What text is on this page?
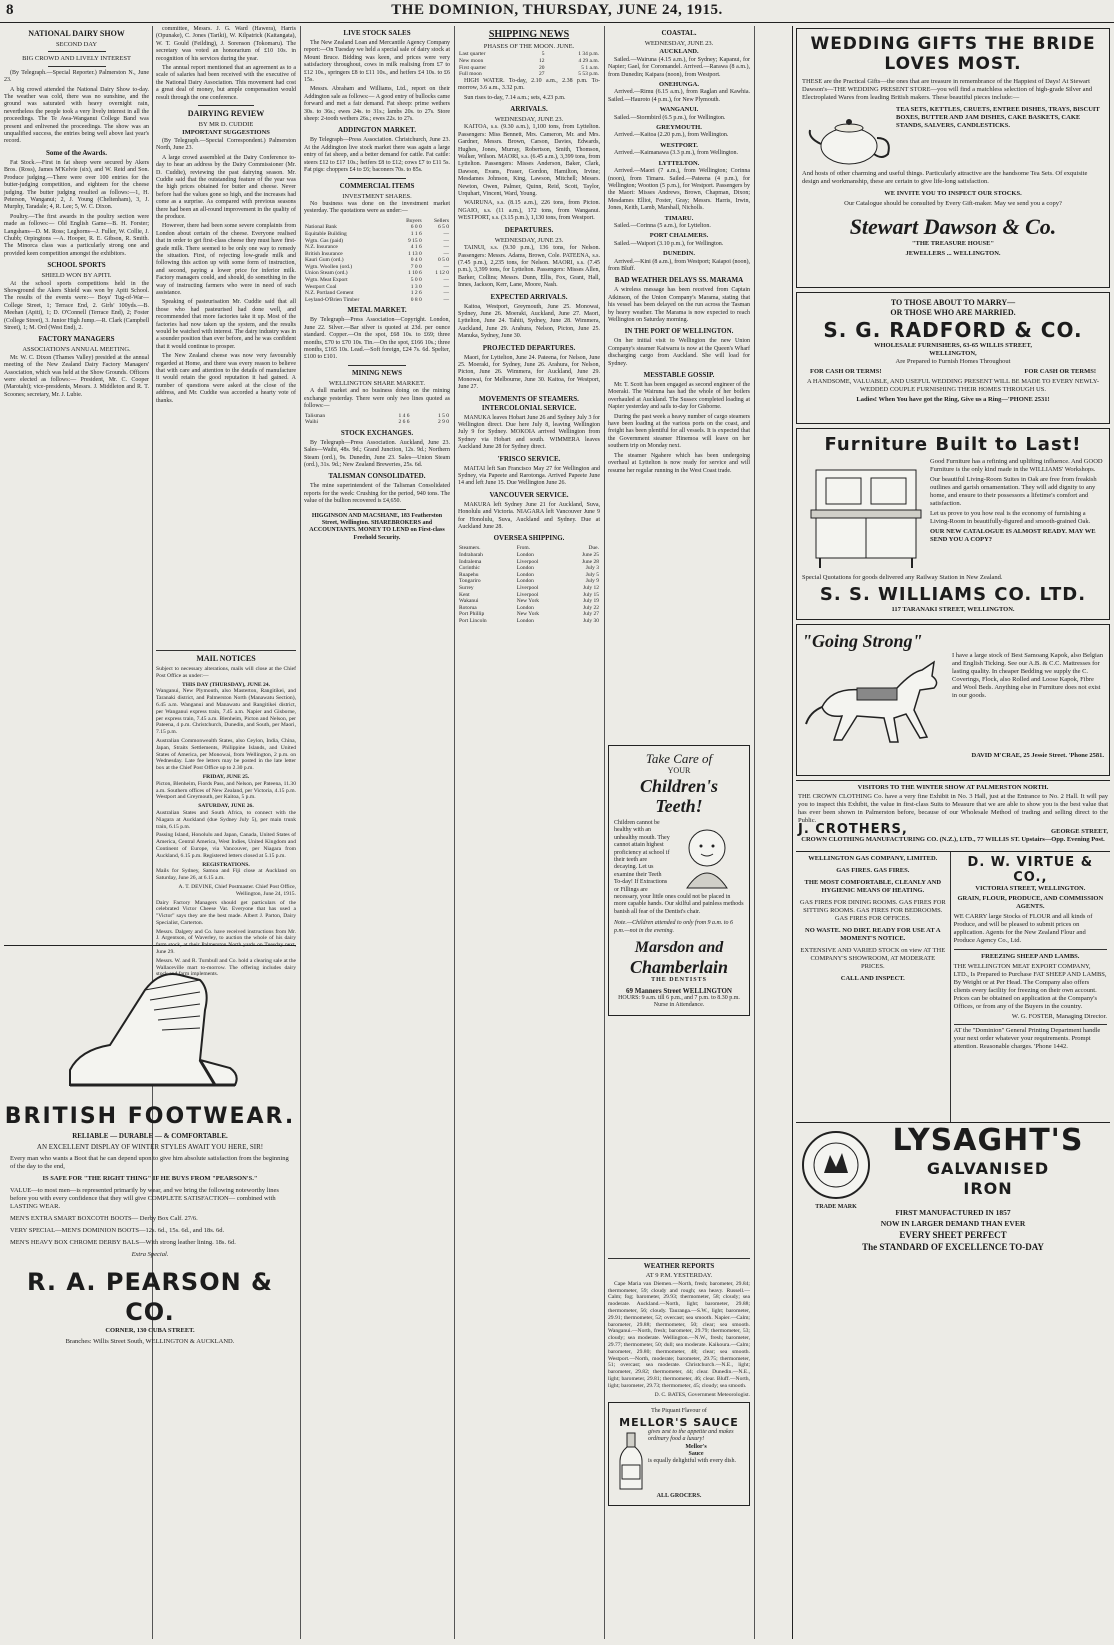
8	THE DOMINION, THURSDAY, JUNE 24, 1915.
NATIONAL DAIRY SHOW
SECOND DAY
BIG CROWD AND LIVELY INTEREST

(By Telegraph.—Special Reporter.) Palmerston N., June 23.

A big crowd attended the National Dairy Show to-day. The weather was cold, there was no sunshine, and the ground was saturated with heavy overnight rain, nevertheless the people took a very lively interest in all the proceedings. The Te Awa-Wanganui College Band was present and enlivened the proceedings. The show was an unqualified success, the entries being well above last year's record.

Some of the Awards.

Fat Stock.—First in fat sheep were secured by Akers Bros. (Ross), James M'Kelvie (six), and W. Reid and Son. Produce judging.—There were over 100 entries for the butter-judging competition, and eighteen for the cheese judging. The butter judging resulted as follows:—1, H. Peterson, Wanganui; 2, J. Young (Cheltenham), 3, J. Murphy, Taradale; 4, R. Lee; 5, W. C. Dixon.

Poultry.—The first awards in the poultry section were made as follows:— Old English Game—B. H. Forster; Langshans—D. M. Ross; Leghorns—J. Fuller, W. Collie, J. Chubb; Orpingtons —A. Hooper, R. E. Gibson, R. Smith. The Minorca class was a particularly strong one and provided keen competition amongst the exhibitors.

SCHOOL SPORTS
SHIELD WON BY APITI.

At the school sports competitions held in the Showground the Akers Shield was won by Apiti School. The results of the events were:— Boys' Tug-of-War—College Street, 1; Terrace End, 2. Girls' 100yds.—B. Meehan (Apiti), 1; D. O'Connell (Terrace End), 2; Foster (College Street), 3. Junior High Jump.—R. Clark (Campbell Street), 1; M. Ord (West End), 2.

FACTORY MANAGERS
ASSOCIATION'S ANNUAL MEETING.

Mr. W. C. Dixon (Thames Valley) presided at the annual meeting of the New Zealand Dairy Factory Managers' Association, which was held at the Show Grounds. Officers were elected as follows:— President, Mr. C. Cooper (Marotahi); vice-presidents, Messrs. J. Middleton and R. T. Scoones; secretary, Mr. J. Lubie.

BRITISH FOOTWEAR.
RELIABLE — DURABLE — & COMFORTABLE.
AN EXCELLENT DISPLAY OF WINTER STYLES AWAIT YOU HERE, SIR!

Every man who wants a Boot that he can depend upon to give him absolute satisfaction from the beginning of the day to the end,

IS SAFE FOR "THE RIGHT THING" IF HE BUYS FROM "PEARSON'S."

VALUE—to most men—is represented primarily by wear, and we bring the following noteworthy lines before you with every confidence that they will give COMPLETE SATISFACTION— combined with LASTING WEAR.

MEN'S EXTRA SMART BOXCOTH BOOTS— Derby Box Calf. 27/6.

VERY SPECIAL—MEN'S DOMINION BOOTS—12s. 6d., 15s. 6d., and 18s. 6d.

MEN'S HEAVY BOX CHROME DERBY BALS—With strong leather lining. 18s. 6d.

Extra Special.
R. A. PEARSON & CO.
CORNER, 130 CUBA STREET.
Branches: Willis Street South, WELLINGTON & AUCKLAND.

committee, Messrs. J. G. Ward (Hawera), Harris (Opunake), C. Jones (Tariki), W. Kilpatrick (Kaitangata), W. T. Gould (Feilding), J. Sorenson (Tokomaru). The secretary was voted an honorarium of £10 10s. in recognition of his services during the year.

The annual report mentioned that an agreement as to a scale of salaries had been received with the executive of the National Dairy Association. This movement had cost a great deal of money, but ample compensation would result through the one conference.

DAIRYING REVIEW
BY MR D. CUDDIE
IMPORTANT SUGGESTIONS

(By Telegraph.—Special Correspondent.) Palmerston North, June 23.

A large crowd assembled at the Dairy Conference to-day to hear an address by the Dairy Commissioner (Mr. D. Cuddie), reviewing the past dairying season. Mr. Cuddie said that the outstanding feature of the year was the high prices obtained for butter and cheese. Never before had the values gone so high, and the increases had come as a surprise. As compared with previous seasons there had been an all-round improvement in the quality of the produce.

However, there had been some severe complaints from London about certain of the cheese. Everyone realised that in order to get first-class cheese they must have first-grade milk. There seemed to be only one way to remedy the situation. First, of rejecting low-grade milk and following this action up with some form of instruction, and second, paying a lower price for inferior milk. Factory managers could, and should, do something in the way of instructing farmers who were in need of such assistance.

Speaking of pasteurisation Mr. Cuddie said that all those who had pasteurised had done well, and recommended that more factories take it up. Most of the factories had now taken up the system, and the results would be watched with interest. The dairy industry was in a sounder position than ever before, and he was confident that it would continue to prosper.

The New Zealand cheese was now very favourably regarded at Home, and there was every reason to believe that with care and attention to the details of manufacture it would retain the good reputation it had gained. A number of questions were asked at the close of the address, and Mr. Cuddie was accorded a hearty vote of thanks.

LIVE STOCK SALES

The New Zealand Loan and Mercantile Agency Company report:—On Tuesday we held a special sale of dairy stock at Mount Bruce. Bidding was keen, and prices were very satisfactory throughout, cows in milk realising from £7 to £12 10s., springers £8 to £11 10s., and heifers £4 10s. to £6 15s.

Messrs. Abraham and Williams, Ltd., report on their Addington sale as follows:— A good entry of bullocks came forward and met a fair demand. Fat sheep: prime wethers 30s. to 36s.; ewes 24s. to 31s.; lambs 20s. to 27s. Store sheep: 2-tooth wethers 26s.; ewes 22s. to 27s.

ADDINGTON MARKET.

By Telegraph—Press Association. Christchurch, June 23. At the Addington live stock market there was again a large entry of fat sheep, and a better demand for cattle. Fat cattle: steers £12 to £17 10s.; heifers £8 to £12; cows £7 to £11 5s. Fat pigs: choppers £4 to £6; baconers 70s. to 85s.

COMMERCIAL ITEMS
INVESTMENT SHARES.

No business was done on the investment market yesterday. The quotations were as under:—

	Buyers	Sellers
National Bank	6 0 0	6 5 0
Equitable Building	1 1 6	—
Wgtn. Gas (paid)	9 15 0	—
N.Z. Insurance	4 1 6	—
British Insurance	1 13 0	—
Kauri Gum (ord.)	0 4 0	0 5 0
Wgtn. Woollen (ord.)	7 0 0	—
Union Steam (ord.)	1 10 6	1 12 0
Wgtn. Meat Export	5 0 0	—
Westport Coal	1 3 0	—
N.Z. Portland Cement	1 2 6	—
Leyland-O'Brien Timber	0 8 0	—
METAL MARKET.

By Telegraph—Press Association—Copyright. London, June 22. Silver.—Bar silver is quoted at 23d. per ounce standard. Copper.—On the spot, £68 10s. to £69; three months, £70 to £70 10s. Tin.—On the spot, £166 10s.; three months, £165 10s. Lead.—Soft foreign, £24 7s. 6d. Spelter, £100 to £101.

MINING NEWS
WELLINGTON SHARE MARKET.

A dull market and no business doing on the mining exchange yesterday. There were only two lines quoted as follows:—

Talisman	1 4 6	1 5 0
Waihi	2 6 6	2 9 0
STOCK EXCHANGES.

By Telegraph—Press Association. Auckland, June 23. Sales—Waihi, 48s. 9d.; Grand Junction, 12s. 9d.; Northern Steam (ord.), 9s. Dunedin, June 23. Sales—Union Steam (ord.), 31s. 9d.; New Zealand Breweries, 25s. 6d.

TALISMAN CONSOLIDATED.

The mine superintendent of the Talisman Consolidated reports for the week: Crushing for the period, 940 tons. The value of the bullion recovered is £4,650.

HIGGINSON AND MACSHANE, 183 Featherston Street, Wellington. SHAREBROKERS and ACCOUNTANTS. MONEY TO LEND on First-class Freehold Security.
SHIPPING NEWS
PHASES OF THE MOON. JUNE.
Last quarter	5	1 34 p.m.
New moon	12	4 29 a.m.
First quarter	20	5 1 a.m.
Full moon	27	5 53 p.m.

HIGH WATER. To-day, 2.10 a.m., 2.38 p.m. To-morrow, 3.6 a.m., 3.32 p.m.

Sun rises to-day, 7.14 a.m.; sets, 4.23 p.m.

ARRIVALS.
WEDNESDAY, JUNE 23.

KAITOA, s.s. (9.30 a.m.), 1,100 tons, from Lyttelton. Passengers: Miss Bennett, Mrs. Cameron, Mr. and Mrs. Gardner, Messrs. Brown, Carson, Davies, Edwards, Hughes, Jones, Murray, Robertson, Smith, Thomson, Walker, Wilson. MAORI, s.s. (6.45 a.m.), 3,399 tons, from Lyttelton. Passengers: Misses Anderson, Baker, Clark, Dawson, Evans, Fraser, Gordon, Hamilton, Irvine; Mesdames Johnson, King, Lawson, Mitchell; Messrs. Newton, Owen, Palmer, Quinn, Reid, Scott, Taylor, Urquhart, Vincent, Ward, Young.

WAIRUNA, s.s. (8.15 a.m.), 226 tons, from Picton. NGAIO, s.s. (11 a.m.), 172 tons, from Wanganui. WESTPORT, s.s. (3.15 p.m.), 1,130 tons, from Westport.

DEPARTURES.
WEDNESDAY, JUNE 23.

TAINUI, s.s. (9.30 p.m.), 136 tons, for Nelson. Passengers: Messrs. Adams, Brown, Cole. PATEENA, s.s. (7.45 p.m.), 2,235 tons, for Nelson. MAORI, s.s. (7.45 p.m.), 3,399 tons, for Lyttelton. Passengers: Misses Allen, Barker, Collins; Messrs. Dunn, Ellis, Fox, Grant, Hall, Innes, Jackson, Kerr, Lane, Moore, Nash.

EXPECTED ARRIVALS.

Kaitoa, Westport, Greymouth, June 25. Monowai, Sydney, June 26. Moeraki, Auckland, June 27. Maori, Lyttelton, June 24. Tahiti, Sydney, June 28. Wimmera, Auckland, June 29. Arahura, Nelson, Picton, June 25. Manuka, Sydney, June 30.

PROJECTED DEPARTURES.

Maori, for Lyttelton, June 24. Pateena, for Nelson, June 25. Moeraki, for Sydney, June 26. Arahura, for Nelson, Picton, June 26. Wimmera, for Auckland, June 29. Monowai, for Melbourne, June 30. Kaitoa, for Westport, June 27.

MOVEMENTS OF STEAMERS. INTERCOLONIAL SERVICE.

MANUKA leaves Hobart June 26 and Sydney July 3 for Wellington direct. Due here July 8, leaving Wellington July 9 for Sydney. MOKOIA arrived Wellington from Sydney via Hobart and south. WIMMERA leaves Auckland June 28 for Sydney direct.

'FRISCO SERVICE.

MAITAI left San Francisco May 27 for Wellington and Sydney, via Papeete and Rarotonga. Arrived Papeete June 14 and left June 15. Due Wellington June 26.

VANCOUVER SERVICE.

MAKURA left Sydney June 21 for Auckland, Suva, Honolulu and Victoria. NIAGARA left Vancouver June 9 for Honolulu, Suva, Auckland and Sydney. Due at Auckland June 28.

OVERSEA SHIPPING.
Steamers.	From.	Due.
Indrabarah	London	June 25
Indralema	Liverpool	June 28
Corinthic	London	July 3
Ruapehu	London	July 5
Tongariro	London	July 9
Surrey	Liverpool	July 12
Kent	Liverpool	July 15
Wakanui	New York	July 19
Rotorua	London	July 22
Port Phillip	New York	July 27
Port Lincoln	London	July 30
COASTAL.
WEDNESDAY, JUNE 23.
AUCKLAND.

Sailed.—Wairuna (4.15 a.m.), for Sydney; Kapanui, for Napier; Gael, for Coromandel. Arrived.—Rarawa (8 a.m.), from Dunedin; Kaipara (noon), from Westport.

ONEHUNGA.

Arrived.—Rimu (6.15 a.m.), from Raglan and Kawhia. Sailed.—Hauroto (4 p.m.), for New Plymouth.

WANGANUI.

Sailed.—Stormbird (6.5 p.m.), for Wellington.

GREYMOUTH.

Arrived.—Kaitoa (2.20 p.m.), from Wellington.

WESTPORT.

Arrived.—Kaimanawa (3.3 p.m.), from Wellington.

LYTTELTON.

Arrived.—Maori (7 a.m.), from Wellington; Corinna (noon), from Timaru. Sailed.—Pateena (4 p.m.), for Wellington; Wootton (5 p.m.), for Westport. Passengers by the Maori: Misses Andrews, Brown, Chapman, Dixon; Mesdames Elliot, Foster, Gray; Messrs. Harris, Irwin, Jones, Keith, Lamb, Marshall, Nicholls.

TIMARU.

Sailed.—Corinna (5 a.m.), for Lyttelton.

PORT CHALMERS.

Sailed.—Waipori (3.10 p.m.), for Wellington.

DUNEDIN.

Arrived.—Kini (8 a.m.), from Westport; Kaiapoi (noon), from Bluff.

BAD WEATHER DELAYS SS. MARAMA

A wireless message has been received from Captain Atkinson, of the Union Company's Marama, stating that his vessel has been delayed on the run across the Tasman by heavy weather. The Marama is now expected to reach Wellington on Saturday morning.

IN THE PORT OF WELLINGTON.

On her initial visit to Wellington the new Union Company's steamer Kaiwarra is now at the Queen's Wharf discharging cargo from Auckland. She will load for Sydney.

MESSTABLE GOSSIP.

Mr. T. Scott has been engaged as second engineer of the Moeraki. The Wairuna has had the whole of her boilers overhauled at Auckland. The Sussex completed loading at Napier yesterday and sails to-day for Gisborne.

During the past week a heavy number of cargo steamers have been loading at the various ports on the coast, and freight has been plentiful for all vessels. It is expected that the Government steamer Hinemoa will leave on her southern trip on Monday next.

The steamer Ngahere which has been undergoing overhaul at Lyttelton is now ready for service and will resume her regular running in the West Coast trade.

Take Care of
YOUR
Children's
Teeth!

Children cannot be healthy with an unhealthy mouth. They cannot attain highest proficiency at school if their teeth are decaying. Let us examine their Teeth To-day! If Extractions or Fillings are necessary, your little ones could not be placed in more capable hands. Our skilful and painless methods banish all fear of the Dentist's chair.

Note.—Children attended to only from 9 a.m. to 6 p.m.—not in the evening.

Marsdon and
Chamberlain
THE DENTISTS
69 Manners Street WELLINGTON
HOURS: 9 a.m. till 6 p.m., and 7 p.m. to 8.30 p.m. Nurse in Attendance.
WEDDING GIFTS THE BRIDE
LOVES MOST.

THESE are the Practical Gifts—the ones that are treasure in remembrance of the Happiest of Days! At Stewart Dawson's—THE WEDDING PRESENT STORE—you will find a matchless selection of high-grade Silver and Electroplated Wares from leading British makers. These beautiful pieces include:—

TEA SETS, KETTLES, CRUETS, ENTREE DISHES, TRAYS, BISCUIT BOXES, BUTTER AND JAM DISHES, CAKE BASKETS, CAKE STANDS, SALVERS, CANDLESTICKS.

And hosts of other charming and useful things. Particularly attractive are the handsome Tea Sets. Of exquisite design and workmanship, these are certain to give life-long satisfaction.

WE INVITE YOU TO INSPECT OUR STOCKS.
Our Catalogue should be consulted by Every Gift-maker. May we send you a copy?
Stewart Dawson & Co.
"THE TREASURE HOUSE"
JEWELLERS ... WELLINGTON.
TO THOSE ABOUT TO MARRY—
OR THOSE WHO ARE MARRIED.
S. G. RADFORD & CO.
WHOLESALE FURNISHERS, 63-65 WILLIS STREET,
WELLINGTON,
Are Prepared to Furnish Homes Throughout
FOR CASH OR TERMS!	FOR CASH OR TERMS!
A HANDSOME, VALUABLE, AND USEFUL WEDDING PRESENT WILL BE MADE TO EVERY NEWLY-WEDDED COUPLE FURNISHING THEIR HOMES THROUGH US.
Ladies! When You have got the Ring, Give us a Ring—'PHONE 2531!
Furniture Built to Last!

Good Furniture has a refining and uplifting influence. And GOOD Furniture is the only kind made in the WILLIAMS' Workshops.

Our beautiful Living-Room Suites in Oak are free from freakish outlines and garish ornamentation. They will add dignity to any home, and ensure to their possessors a lifetime's comfort and satisfaction.

Let us prove to you how real is the economy of furnishing a Living-Room in beautifully-figured and smooth-grained Oak.

OUR NEW CATALOGUE IS ALMOST READY. MAY WE SEND YOU A COPY?
Special Quotations for goods delivered any Railway Station in New Zealand.
S. S. WILLIAMS CO. LTD.
117 TARANAKI STREET, WELLINGTON.
"Going Strong"

I have a large stock of Best Samoang Kapok, also Belgian and English Ticking. See our A.B. & C.C. Mattresses for lasting quality. In cheaper Bedding we supply the C. Coverings, Flock, also Rolled and Loose Kapok, Fibre and Wool Beds. Anything else in Furniture does not exist in our goods.

DAVID M'CRAE, 25 Jessie Street. 'Phone 2581.
VISITORS TO THE WINTER SHOW AT PALMERSTON NORTH.

THE CROWN CLOTHING Co. have a very fine Exhibit in No. 3 Hall, just at the Entrance to No. 2 Hall. It will pay you to inspect this Exhibit, the value in first-class Suits to Measure that we are able to show you is the best value that has ever been shown in Palmerston before, because of our Wholesale Method of trading and selling direct to the Public.

J. CROTHERS,	GEORGE STREET,
CROWN CLOTHING MANUFACTURING CO. (N.Z.), LTD., 77 WILLIS ST. Upstairs—Opp. Evening Post.
WELLINGTON GAS COMPANY, LIMITED.
GAS FIRES. GAS FIRES.
THE MOST COMFORTABLE, CLEANLY AND HYGIENIC MEANS OF HEATING.
GAS FIRES FOR DINING ROOMS. GAS FIRES FOR SITTING ROOMS. GAS FIRES FOR BEDROOMS. GAS FIRES FOR OFFICES.
NO WASTE. NO DIRT. READY FOR USE AT A MOMENT'S NOTICE.
EXTENSIVE AND VARIED STOCK on view AT THE COMPANY'S SHOWROOM, AT MODERATE PRICES.
CALL AND INSPECT.
D. W. VIRTUE & CO.,
VICTORIA STREET, WELLINGTON.
GRAIN, FLOUR, PRODUCE, AND COMMISSION AGENTS.

WE CARRY large Stocks of FLOUR and all kinds of Produce, and will be pleased to submit prices on application. Agents for the New Zealand Flour and Produce Agency Co., Ltd.

FREEZING SHEEP AND LAMBS.

THE WELLINGTON MEAT EXPORT COMPANY, LTD., Is Prepared to Purchase FAT SHEEP AND LAMBS, By Weight or at Per Head. The Company also offers clients every facility for freezing on their own account. Prices can be obtained on application at the Company's Offices, or from any of the Buyers in the country.

W. G. FOSTER, Managing Director.
AT the "Dominion" General Printing Department handle your next order whatever your requirements. Prompt attention. Reasonable charges. 'Phone 1442.
TRADE MARK
LYSAGHT'S
GALVANISED
IRON
FIRST MANUFACTURED IN 1857
NOW IN LARGER DEMAND THAN EVER
EVERY SHEET PERFECT
The STANDARD OF EXCELLENCE TO-DAY
WEATHER REPORTS
AT 9 P.M. YESTERDAY.

Cape Maria van Diemen.—North, fresh; barometer, 29.84; thermometer, 59; cloudy and rough; sea heavy. Russell.—Calm; fog; barometer, 29.93; thermometer, 58; cloudy; sea moderate. Auckland.—North, light; barometer, 29.88; thermometer, 56; cloudy. Tauranga.—S.W., light; barometer, 29.91; thermometer, 52; overcast; sea smooth. Napier.—Calm; barometer, 29.88; thermometer, 50; clear; sea smooth. Wanganui.—North, fresh; barometer, 29.79; thermometer, 53; cloudy; sea moderate. Wellington.—N.W., fresh; barometer, 29.77; thermometer, 50; dull; sea moderate. Kaikoura.—Calm; barometer, 29.80; thermometer, 48; clear; sea smooth. Westport.—North, moderate; barometer, 29.75; thermometer, 51; overcast; sea moderate. Christchurch.—N.E., light; barometer, 29.82; thermometer, 44; clear. Dunedin.—N.E., light; barometer, 29.81; thermometer, 46; clear. Bluff.—North, light; barometer, 29.73; thermometer, 45; cloudy; sea smooth.

D. C. BATES, Government Meteorologist.
The Piquant Flavour of
MELLOR'S SAUCE
gives zest to the appetite and makes ordinary food a luxury!
Mellor's
Sauce
is equally delightful with every dish.
ALL GROCERS.
MAIL NOTICES

Subject to necessary alterations, mails will close at the Chief Post Office as under:—

THIS DAY (THURSDAY), JUNE 24.

Wanganui, New Plymouth, also Masterton, Rangitikei, and Taranaki district, and Palmerston North (Manawatu Section), 6.45 a.m. Wanganui and Manawatu and Rangitikei district, per Wanganui express train, 7.45 a.m. Napier and Gisborne, per express train, 7.45 a.m. Blenheim, Picton and Nelson, per Pateena, 4 p.m. Christchurch, Dunedin, and South, per Maori, 7.15 p.m.

Australian Commonwealth States, also Ceylon, India, China, Japan, Straits Settlements, Philippine Islands, and United States of America, per Monowai, from Wellington, 2 p.m. on Wednesday. Late fee letters may be posted in the late letter box at the Chief Post Office up to 2.30 p.m.

FRIDAY, JUNE 25.

Picton, Blenheim, Fiords Pass, and Nelson, per Pateena, 11.30 a.m. Southern offices of New Zealand, per Victoria, 4.15 p.m. Westport and Greymouth, per Kaitoa, 5 p.m.

SATURDAY, JUNE 26.

Australian States and South Africa, to connect with the Niagara at Auckland (due Sydney July 5), per main trunk train, 6.15 p.m.

Passing Island, Honolulu and Japan, Canada, United States of America, Central America, West Indies, United Kingdom and Continent of Europe, via Vancouver, per Niagara from Auckland, 6.15 p.m. Registered letters closed at 5.15 p.m.

REGISTRATIONS.

Mails for Sydney, Samoa and Fiji close at Auckland on Saturday, June 26, at 6.15 a.m.

A. T. DEVINE, Chief Postmaster. Chief Post Office, Wellington, June 24, 1915.

Dairy Factory Managers should get particulars of the celebrated Victor Cheese Vat. Everyone that has used a "Victor" says they are the best made. Albert J. Parton, Dairy Specialist, Carterton.

Messrs. Dalgety and Co. have received instructions from Mr. J. Argentson, of Waverley, to auction the whole of his dairy farm stock, at their Palmerston North yards on Tuesday next, June 29.

Messrs. W. and R. Turnbull and Co. hold a clearing sale at the Wallaceville mart to-morrow. The offering includes dairy stock and farm implements.
